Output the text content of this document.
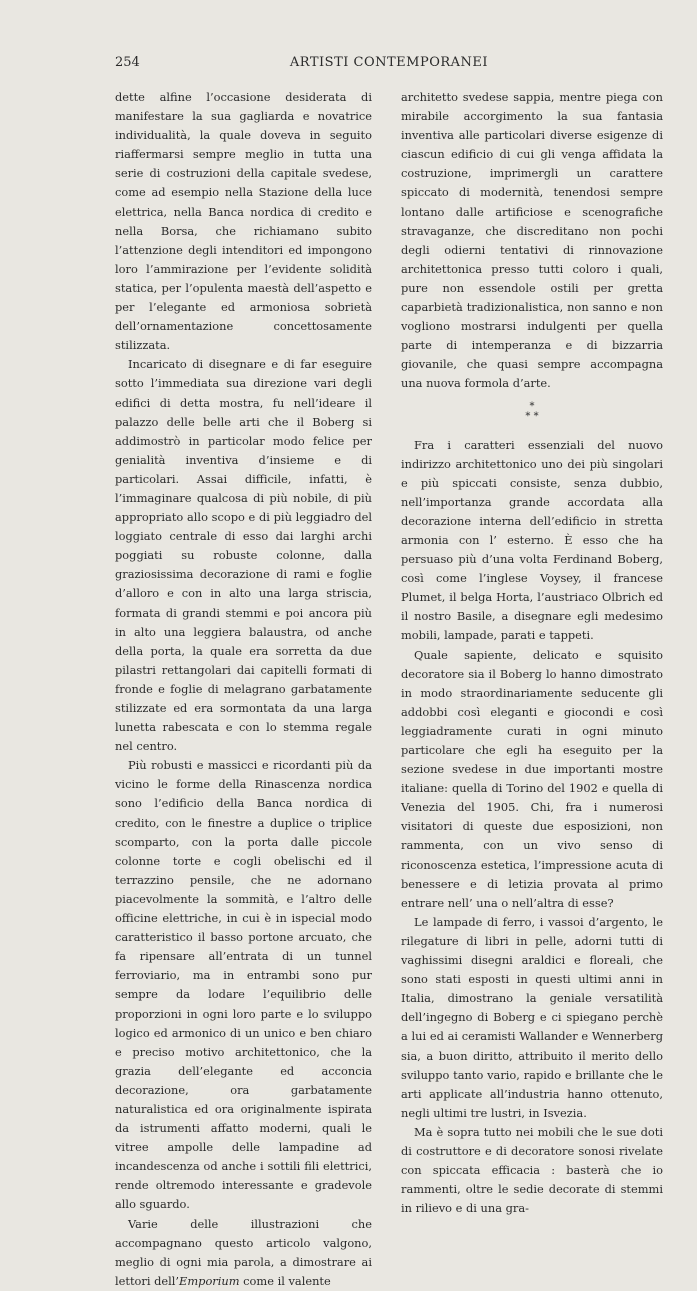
254	ARTISTI CONTEMPORANEI

dette alfine l’occasione desiderata di manifestare la sua gagliarda e novatrice individualità, la quale doveva in seguito riaffermarsi sempre meglio in tutta una serie di costruzioni della capitale svedese, come ad esempio nella Stazione della luce elettrica, nella Banca nordica di credito e nella Borsa, che richiamano subito l’attenzione degli intenditori ed impongono loro l’ammirazione per l’evidente solidità statica, per l’opulenta maestà dell’aspetto e per l’elegante ed armoniosa sobrietà dell’ornamentazione concettosamente stilizzata.

Incaricato di disegnare e di far eseguire sotto l’immediata sua direzione vari degli edifici di detta mostra, fu nell’ideare il palazzo delle belle arti che il Boberg si addimostrò in particolar modo felice per genialità inventiva d’insieme e di particolari. Assai difficile, infatti, è l’immaginare qualcosa di più nobile, di più appropriato allo scopo e di più leggiadro del loggiato centrale di esso dai larghi archi poggiati su robuste colonne, dalla graziosissima decorazione di rami e foglie d’alloro e con in alto una larga striscia, formata di grandi stemmi e poi ancora più in alto una leggiera balaustra, od anche della porta, la quale era sorretta da due pilastri rettangolari dai capitelli formati di fronde e foglie di melagrano garbatamente stilizzate ed era sormontata da una larga lunetta rabescata e con lo stemma regale nel centro.

Più robusti e massicci e ricordanti più da vicino le forme della Rinascenza nordica sono l’edificio della Banca nordica di credito, con le finestre a duplice o triplice scomparto, con la porta dalle piccole colonne torte e cogli obelischi ed il terrazzino pensile, che ne adornano piacevolmente la sommità, e l’altro delle officine elettriche, in cui è in ispecial modo caratteristico il basso portone arcuato, che fa ripensare all’entrata di un tunnel ferroviario, ma in entrambi sono pur sempre da lodare l’equilibrio delle proporzioni in ogni loro parte e lo sviluppo logico ed armonico di un unico e ben chiaro e preciso motivo architettonico, che la grazia dell’elegante ed acconcia decorazione, ora garbatamente naturalistica ed ora originalmente ispirata da istrumenti affatto moderni, quali le vitree ampolle delle lampadine ad incandescenza od anche i sottili fili elettrici, rende oltremodo interessante e gradevole allo sguardo.

Varie delle illustrazioni che accompagnano questo articolo valgono, meglio di ogni mia parola, a dimostrare ai lettori dell’Emporium come il valente

architetto svedese sappia, mentre piega con mirabile accorgimento la sua fantasia inventiva alle particolari diverse esigenze di ciascun edificio di cui gli venga affidata la costruzione, imprimergli un carattere spiccato di modernità, tenendosi sempre lontano dalle artificiose e scenografiche stravaganze, che discreditano non pochi degli odierni tentativi di rinnovazione architettonica presso tutti coloro i quali, pure non essendole ostili per gretta caparbietà tradizionalistica, non sanno e non vogliono mostrarsi indulgenti per quella parte di intemperanza e di bizzarria giovanile, che quasi sempre accompagna una nuova formola d’arte.

*
* *

Fra i caratteri essenziali del nuovo indirizzo architettonico uno dei più singolari e più spiccati consiste, senza dubbio, nell’importanza grande accordata alla decorazione interna dell’edificio in stretta armonia con l’ esterno. È esso che ha persuaso più d’una volta Ferdinand Boberg, così come l’inglese Voysey, il francese Plumet, il belga Horta, l’austriaco Olbrich ed il nostro Basile, a disegnare egli medesimo mobili, lampade, parati e tappeti.

Quale sapiente, delicato e squisito decoratore sia il Boberg lo hanno dimostrato in modo straordinariamente seducente gli addobbi così eleganti e giocondi e così leggiadramente curati in ogni minuto particolare che egli ha eseguito per la sezione svedese in due importanti mostre italiane: quella di Torino del 1902 e quella di Venezia del 1905. Chi, fra i numerosi visitatori di queste due esposizioni, non rammenta, con un vivo senso di riconoscenza estetica, l’impressione acuta di benessere e di letizia provata al primo entrare nell’ una o nell’altra di esse?

Le lampade di ferro, i vassoi d’argento, le rilegature di libri in pelle, adorni tutti di vaghissimi disegni araldici e floreali, che sono stati esposti in questi ultimi anni in Italia, dimostrano la geniale versatilità dell’ingegno di Boberg e ci spiegano perchè a lui ed ai ceramisti Wallander e Wennerberg sia, a buon diritto, attribuito il merito dello sviluppo tanto vario, rapido e brillante che le arti applicate all’industria hanno ottenuto, negli ultimi tre lustri, in Isvezia.

Ma è sopra tutto nei mobili che le sue doti di costruttore e di decoratore sonosi rivelate con spiccata efficacia : basterà che io rammenti, oltre le sedie decorate di stemmi in rilievo e di una gra-
